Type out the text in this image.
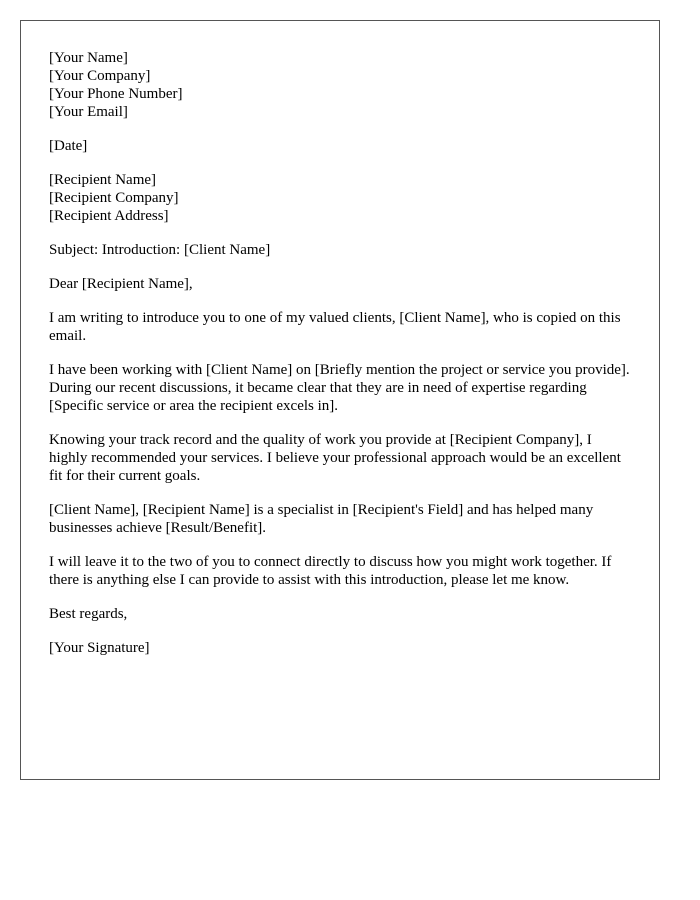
[Your Name]
[Your Company]
[Your Phone Number]
[Your Email]
[Date]
[Recipient Name]
[Recipient Company]
[Recipient Address]
Subject: Introduction: [Client Name]
Dear [Recipient Name],

I am writing to introduce you to one of my valued clients, [Client Name], who is copied on this email.

I have been working with [Client Name] on [Briefly mention the project or service you provide]. During our recent discussions, it became clear that they are in need of expertise regarding [Specific service or area the recipient excels in].

Knowing your track record and the quality of work you provide at [Recipient Company], I highly recommended your services. I believe your professional approach would be an excellent fit for their current goals.

[Client Name], [Recipient Name] is a specialist in [Recipient's Field] and has helped many businesses achieve [Result/Benefit].

I will leave it to the two of you to connect directly to discuss how you might work together. If there is anything else I can provide to assist with this introduction, please let me know.

Best regards,
[Your Signature]
